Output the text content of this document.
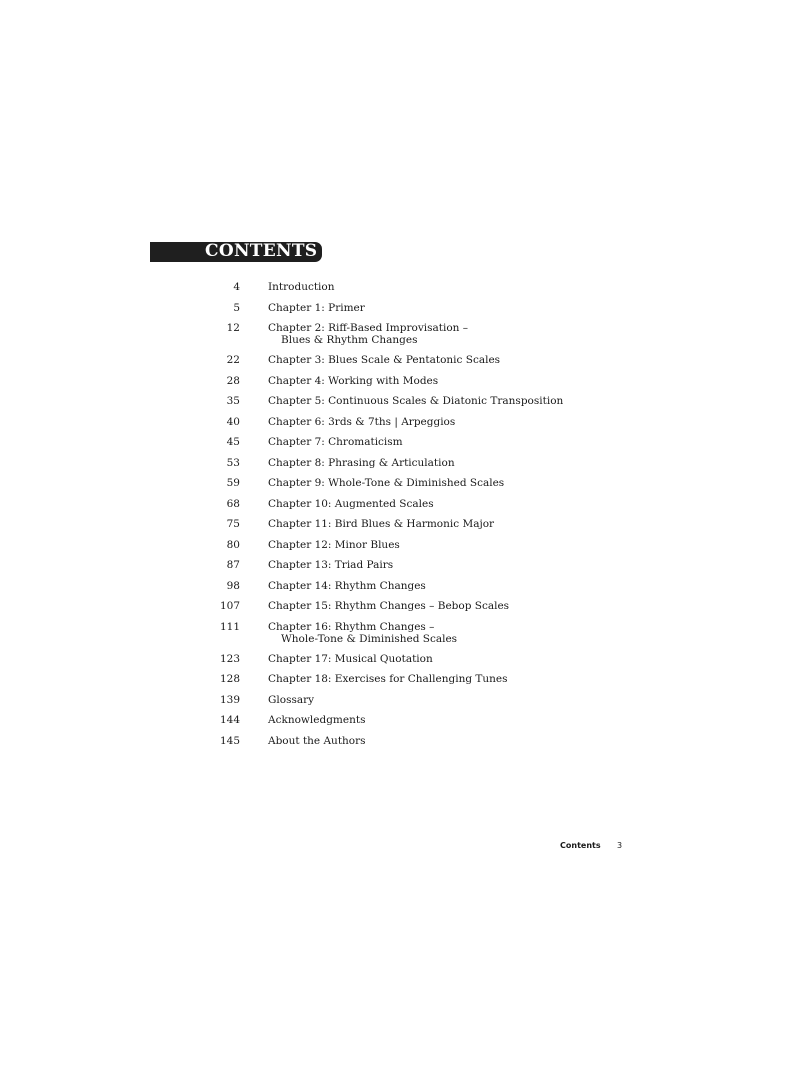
CONTENTS
4	Introduction
5	Chapter 1: Primer
12	Chapter 2: Riff-Based Improvisation –
Blues & Rhythm Changes
22	Chapter 3: Blues Scale & Pentatonic Scales
28	Chapter 4: Working with Modes
35	Chapter 5: Continuous Scales & Diatonic Transposition
40	Chapter 6: 3rds & 7ths | Arpeggios
45	Chapter 7: Chromaticism
53	Chapter 8: Phrasing & Articulation
59	Chapter 9: Whole-Tone & Diminished Scales
68	Chapter 10: Augmented Scales
75	Chapter 11: Bird Blues & Harmonic Major
80	Chapter 12: Minor Blues
87	Chapter 13: Triad Pairs
98	Chapter 14: Rhythm Changes
107	Chapter 15: Rhythm Changes – Bebop Scales
111	Chapter 16: Rhythm Changes –
Whole-Tone & Diminished Scales
123	Chapter 17: Musical Quotation
128	Chapter 18: Exercises for Challenging Tunes
139	Glossary
144	Acknowledgments
145	About the Authors
Contents 3
